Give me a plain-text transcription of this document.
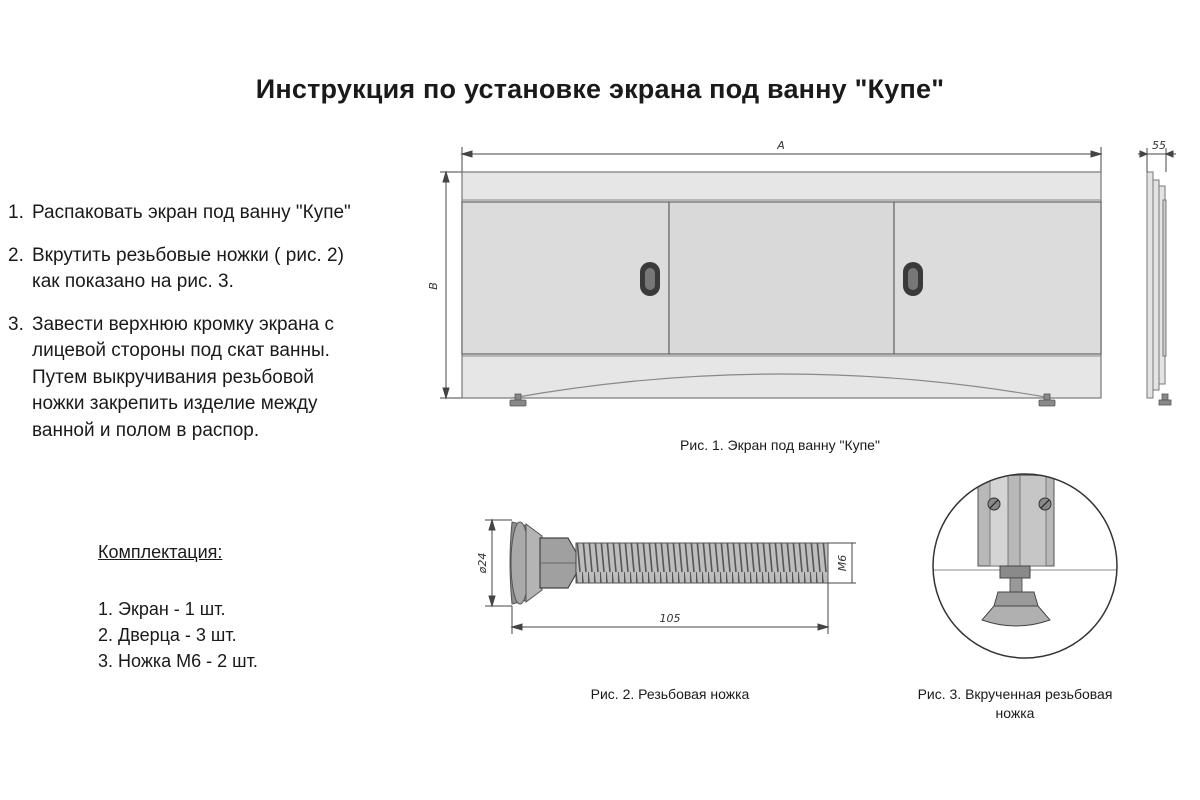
Инструкция по установке экрана под ванну "Купе"
1. Распаковать экран под ванну "Купе"
2. Вкрутить резьбовые ножки ( рис. 2)
как показано на рис. 3.
3. Завести верхнюю кромку экрана с
лицевой стороны под скат ванны.
Путем выкручивания резьбовой
ножки закрепить изделие между
ванной и полом в распор.
Комплектация:
1. Экран - 1 шт.
2. Дверца - 3 шт.
3. Ножка М6 - 2 шт.
A
B
55
Рис. 1. Экран под ванну "Купе"
ø24	M6
105
Рис. 2. Резьбовая ножка	Рис. 3. Вкрученная резьбовая
ножка
